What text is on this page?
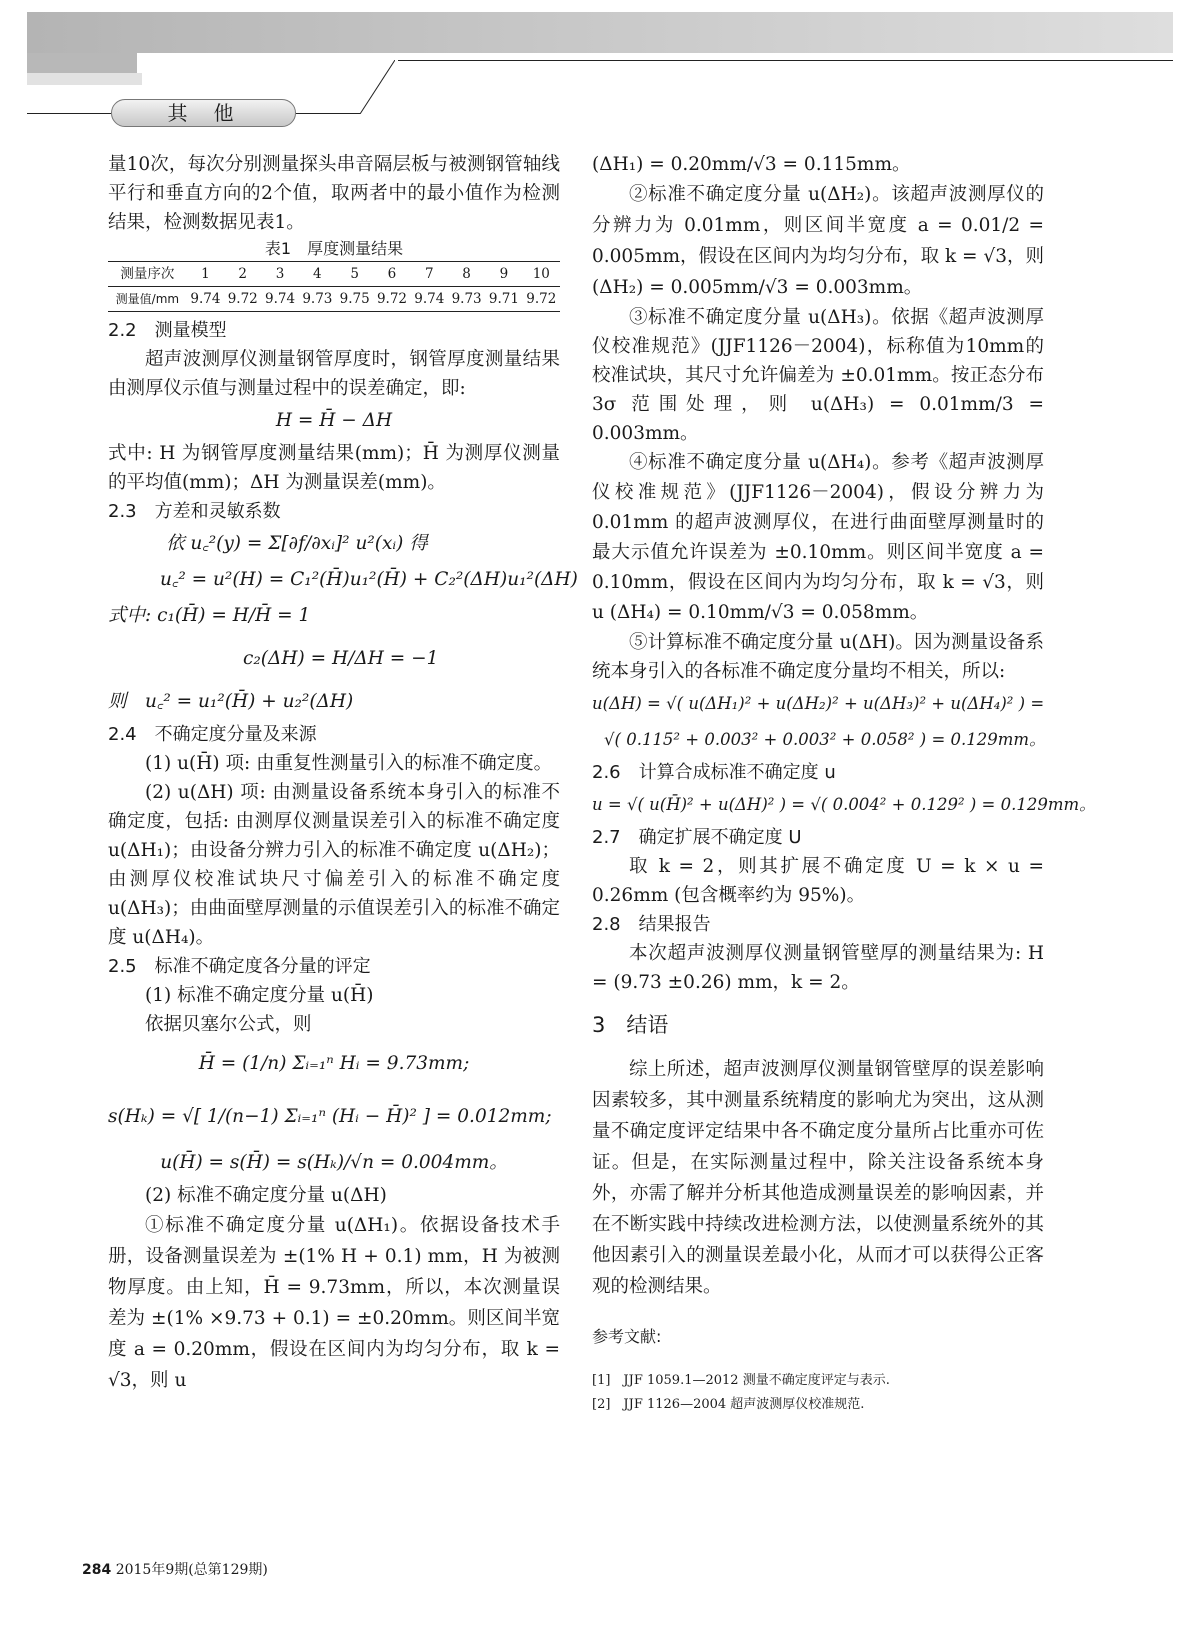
其他

量10次，每次分别测量探头串音隔层板与被测钢管轴线平行和垂直方向的2个值，取两者中的最小值作为检测结果，检测数据见表1。

表1　厚度测量结果
测量序次	1	2	3	4	5	6	7	8	9	10
测量值/mm	9.74	9.72	9.74	9.73	9.75	9.72	9.74	9.73	9.71	9.72

2.2　测量模型

超声波测厚仪测量钢管厚度时，钢管厚度测量结果由测厚仪示值与测量过程中的误差确定，即:

H = H̄ − ΔH

式中: H 为钢管厚度测量结果(mm)；H̄ 为测厚仪测量的平均值(mm)；ΔH 为测量误差(mm)。

2.3　方差和灵敏系数

依 u꜀²(y) = Σ[∂f/∂xᵢ]² u²(xᵢ) 得

u꜀² = u²(H) = C₁²(H̄)u₁²(H̄) + C₂²(ΔH)u₁²(ΔH)

式中: c₁(H̄) = H/H̄ = 1

c₂(ΔH) = H/ΔH = −1

则　u꜀² = u₁²(H̄) + u₂²(ΔH)

2.4　不确定度分量及来源

(1) u(H̄) 项: 由重复性测量引入的标准不确定度。

(2) u(ΔH) 项: 由测量设备系统本身引入的标准不确定度，包括: 由测厚仪测量误差引入的标准不确定度 u(ΔH₁)；由设备分辨力引入的标准不确定度 u(ΔH₂)；由测厚仪校准试块尺寸偏差引入的标准不确定度 u(ΔH₃)；由曲面壁厚测量的示值误差引入的标准不确定度 u(ΔH₄)。

2.5　标准不确定度各分量的评定

(1) 标准不确定度分量 u(H̄)

依据贝塞尔公式，则

H̄ = (1/n) Σᵢ₌₁ⁿ Hᵢ = 9.73mm;

s(Hₖ) = √[ 1/(n−1) Σᵢ₌₁ⁿ (Hᵢ − H̄)² ] = 0.012mm;

u(H̄) = s(H̄) = s(Hₖ)/√n = 0.004mm。

(2) 标准不确定度分量 u(ΔH)

①标准不确定度分量 u(ΔH₁)。依据设备技术手册，设备测量误差为 ±(1% H + 0.1) mm，H 为被测物厚度。由上知，H̄ = 9.73mm，所以，本次测量误差为 ±(1% ×9.73 + 0.1) = ±0.20mm。则区间半宽度 a = 0.20mm，假设在区间内为均匀分布，取 k = √3，则 u

(ΔH₁) = 0.20mm/√3 = 0.115mm。

②标准不确定度分量 u(ΔH₂)。该超声波测厚仪的分辨力为 0.01mm，则区间半宽度 a = 0.01/2 = 0.005mm，假设在区间内为均匀分布，取 k = √3，则 (ΔH₂) = 0.005mm/√3 = 0.003mm。

③标准不确定度分量 u(ΔH₃)。依据《超声波测厚仪校准规范》(JJF1126－2004)，标称值为10mm的校准试块，其尺寸允许偏差为 ±0.01mm。按正态分布 3σ 范围处理，则 u(ΔH₃) = 0.01mm/3 = 0.003mm。

④标准不确定度分量 u(ΔH₄)。参考《超声波测厚仪校准规范》(JJF1126－2004)，假设分辨力为 0.01mm 的超声波测厚仪，在进行曲面壁厚测量时的最大示值允许误差为 ±0.10mm。则区间半宽度 a = 0.10mm，假设在区间内为均匀分布，取 k = √3，则 u (ΔH₄) = 0.10mm/√3 = 0.058mm。

⑤计算标准不确定度分量 u(ΔH)。因为测量设备系统本身引入的各标准不确定度分量均不相关，所以:

u(ΔH) = √( u(ΔH₁)² + u(ΔH₂)² + u(ΔH₃)² + u(ΔH₄)² ) =

√( 0.115² + 0.003² + 0.003² + 0.058² ) = 0.129mm。

2.6　计算合成标准不确定度 u

u = √( u(H̄)² + u(ΔH)² ) = √( 0.004² + 0.129² ) = 0.129mm。

2.7　确定扩展不确定度 U

取 k = 2，则其扩展不确定度 U = k × u = 0.26mm (包含概率约为 95%)。

2.8　结果报告

本次超声波测厚仪测量钢管壁厚的测量结果为: H = (9.73 ±0.26) mm，k = 2。

3　结语

综上所述，超声波测厚仪测量钢管壁厚的误差影响因素较多，其中测量系统精度的影响尤为突出，这从测量不确定度评定结果中各不确定度分量所占比重亦可佐证。但是，在实际测量过程中，除关注设备系统本身外，亦需了解并分析其他造成测量误差的影响因素，并在不断实践中持续改进检测方法，以使测量系统外的其他因素引入的测量误差最小化，从而才可以获得公正客观的检测结果。

参考文献:

[1]　JJF 1059.1—2012 测量不确定度评定与表示.

[2]　JJF 1126—2004 超声波测厚仪校准规范.

284 2015年9期(总第129期)
